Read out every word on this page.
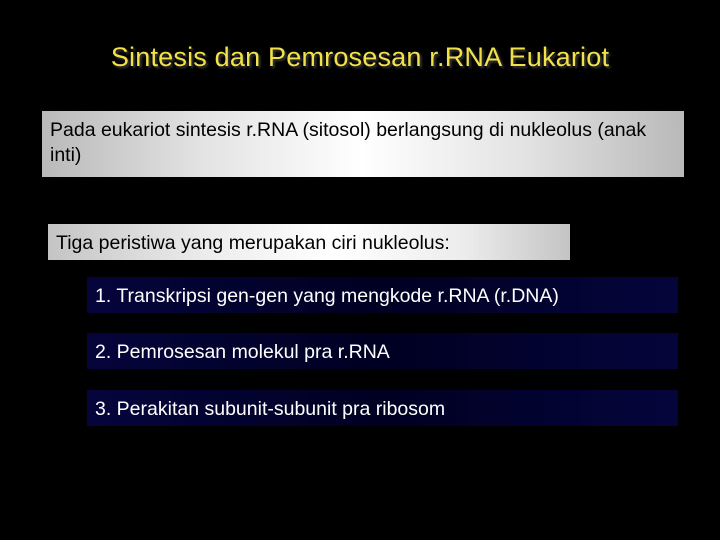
Sintesis dan Pemrosesan r.RNA Eukariot
Pada eukariot sintesis r.RNA (sitosol) berlangsung di nukleolus (anak inti)
Tiga peristiwa yang merupakan ciri nukleolus:
1. Transkripsi gen-gen yang mengkode r.RNA (r.DNA)
2. Pemrosesan molekul pra r.RNA
3. Perakitan subunit-subunit pra ribosom
